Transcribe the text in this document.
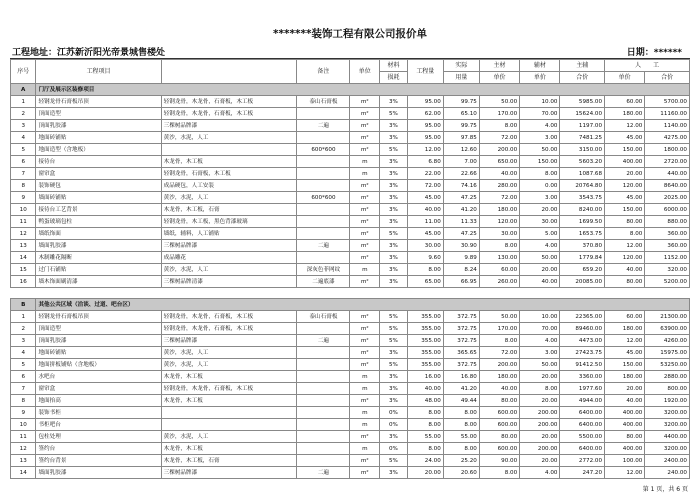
*******装饰工程有限公司报价单
工程地址：江苏新沂阳光帝景城售楼处	日期：******
序号	工程项目		备注	单位	材料	工程量	实际	主材	辅材	主辅	人　　工	
					损耗		用量	单价	单价	合价	单价	合价
A	门厅及展示区装修项目											
1	轻钢龙骨石膏板吊顶	轻钢龙骨，木龙骨，石膏板，木工板	泰山石膏板	m²	3%	95.00	99.75	50.00	10.00	5985.00	60.00	5700.00
2	顶面造型	轻钢龙骨，木龙骨，石膏板，木工板		m²	5%	62.00	65.10	170.00	70.00	15624.00	180.00	11160.00
3	顶面乳胶漆	三棵树品牌漆	二遍	m²	3%	95.00	99.75	8.00	4.00	1197.00	12.00	1140.00
4	地面砖铺贴	黄沙，水泥，人工		m²	3%	95.00	97.85	72.00	3.00	7481.25	45.00	4275.00
5	地面造型（含地板）		600*600	m²	5%	12.00	12.60	200.00	50.00	3150.00	150.00	1800.00
6	接待台	木龙骨，木工板		m	3%	6.80	7.00	650.00	150.00	5603.20	400.00	2720.00
7	窗帘盒	轻钢龙骨，石膏板，木工板		m	3%	22.00	22.66	40.00	8.00	1087.68	20.00	440.00
8	装饰硬包	成品硬包，人工安装		m²	3%	72.00	74.16	280.00	0.00	20764.80	120.00	8640.00
9	墙面砖铺贴	黄沙，水泥，人工	600*600	m²	3%	45.00	47.25	72.00	3.00	3543.75	45.00	2025.00
10	接待台工艺背景	木龙骨，木工板，石膏		m²	3%	40.00	41.20	180.00	20.00	8240.00	150.00	6000.00
11	鸭蛋玻璃包柱	轻钢龙骨，木工板，黑色背漆玻璃		m²	3%	11.00	11.33	120.00	30.00	1699.50	80.00	880.00
12	墙纸饰面	墙纸，辅料，人工铺贴		m²	5%	45.00	47.25	30.00	5.00	1653.75	8.00	360.00
13	墙面乳胶漆	三棵树品牌漆	二遍	m²	3%	30.00	30.90	8.00	4.00	370.80	12.00	360.00
14	木制雕花隔断	成品雕花		m²	3%	9.60	9.89	130.00	50.00	1779.84	120.00	1152.00
15	过门石铺贴	黄沙，水泥，人工	深灰色菲网纹	m	3%	8.00	8.24	60.00	20.00	659.20	40.00	320.00
16	墙木饰面刷清漆	三棵树品牌清漆	二遍底漆	m²	3%	65.00	66.95	260.00	40.00	20085.00	80.00	5200.00

B	其他公共区域（洽谈、过道、吧台区）											
1	轻钢龙骨石膏板吊顶	轻钢龙骨，木龙骨，石膏板，木工板	泰山石膏板	m²	5%	355.00	372.75	50.00	10.00	22365.00	60.00	21300.00
2	顶面造型	轻钢龙骨，木龙骨，石膏板，木工板		m²	5%	355.00	372.75	170.00	70.00	89460.00	180.00	63900.00
3	顶面乳胶漆	三棵树品牌漆	二遍	m²	5%	355.00	372.75	8.00	4.00	4473.00	12.00	4260.00
4	地面砖铺贴	黄沙，水泥，人工		m²	3%	355.00	365.65	72.00	3.00	27423.75	45.00	15975.00
5	地面拼板铺贴（含地板）	黄沙，水泥，人工		m²	5%	355.00	372.75	200.00	50.00	91412.50	150.00	53250.00
6	水吧台	木龙骨，木工板		m	3%	16.00	16.80	180.00	20.00	3360.00	180.00	2880.00
7	窗帘盒	轻钢龙骨，木龙骨，石膏板，木工板		m	3%	40.00	41.20	40.00	8.00	1977.60	20.00	800.00
8	地面抬高	木龙骨，木工板		m²	3%	48.00	49.44	80.00	20.00	4944.00	40.00	1920.00
9	装饰书柜			m	0%	8.00	8.00	600.00	200.00	6400.00	400.00	3200.00
10	书柜吧台			m	0%	8.00	8.00	600.00	200.00	6400.00	400.00	3200.00
11	包柱处理	黄沙，水泥，人工		m²	3%	55.00	55.00	80.00	20.00	5500.00	80.00	4400.00
12	签约台	木龙骨，木工板		m	0%	8.00	8.00	600.00	200.00	6400.00	400.00	3200.00
13	签约台背景	木龙骨，木工板，石膏		m²	5%	24.00	25.20	90.00	20.00	2772.00	100.00	2400.00
14	墙面乳胶漆	三棵树品牌漆	二遍	m²	3%	20.00	20.60	8.00	4.00	247.20	12.00	240.00
第 1 页，共 6 页
